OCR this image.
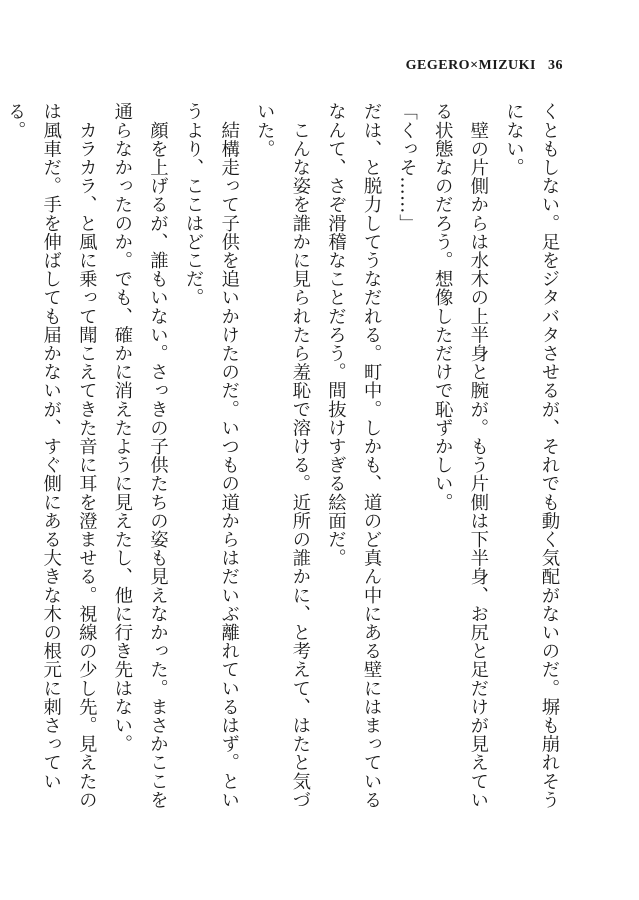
GEGERO×MIZUKI 36

くともしない。足をジタバタさせるが、それでも動く気配がないのだ。塀も崩れそうにない。

　壁の片側からは水木の上半身と腕が。もう片側は下半身、お尻と足だけが見えている状態なのだろう。想像しただけで恥ずかしい。

「くっそ……」

だは、と脱力してうなだれる。町中。しかも、道のど真ん中にある壁にはまっているなんて、さぞ滑稽なことだろう。間抜けすぎる絵面だ。

　こんな姿を誰かに見られたら羞恥で溶ける。近所の誰かに、と考えて、はたと気づいた。

　結構走って子供を追いかけたのだ。いつもの道からはだいぶ離れているはず。というより、ここはどこだ。

　顔を上げるが、誰もいない。さっきの子供たちの姿も見えなかった。まさかここを通らなかったのか。でも、確かに消えたように見えたし、他に行き先はない。

　カラカラ、と風に乗って聞こえてきた音に耳を澄ませる。視線の少し先。見えたのは風車だ。手を伸ばしても届かないが、すぐ側にある大きな木の根元に刺さっている。
